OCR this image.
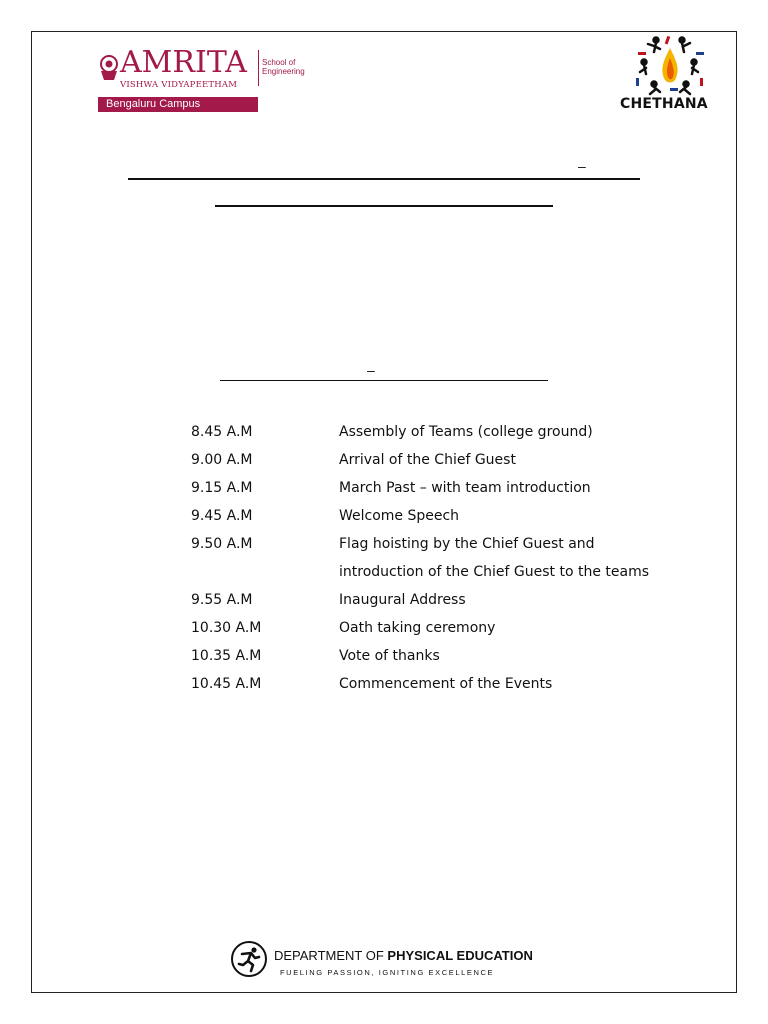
AMRITA
VISHWA VIDYAPEETHAM
School of Engineering
Bengaluru Campus	CHETHANA
–
–
8.45 A.M	Assembly of Teams (college ground)
9.00 A.M	Arrival of the Chief Guest
9.15 A.M	March Past – with team introduction
9.45 A.M	Welcome Speech
9.50 A.M	Flag hoisting by the Chief Guest and
introduction of the Chief Guest to the teams
9.55 A.M	Inaugural Address
10.30 A.M	Oath taking ceremony
10.35 A.M	Vote of thanks
10.45 A.M	Commencement of the Events
DEPARTMENT OF PHYSICAL EDUCATION
FUELING PASSION, IGNITING EXCELLENCE
